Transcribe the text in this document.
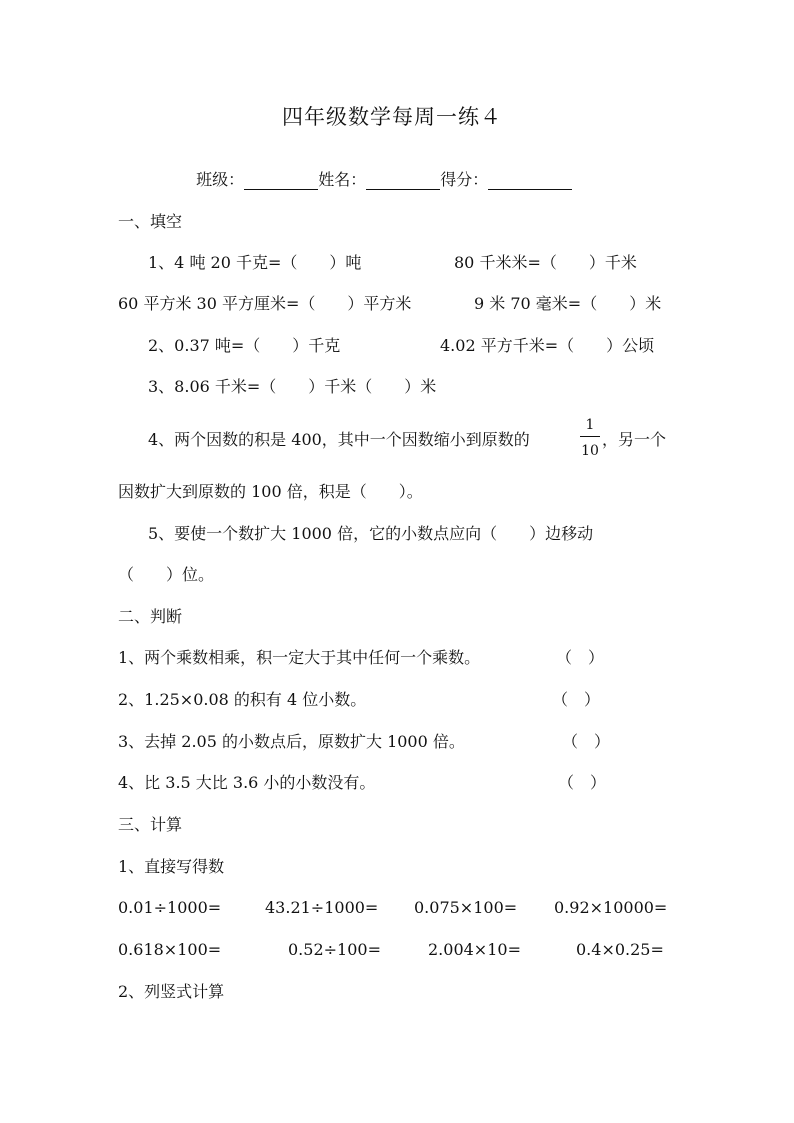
四年级数学每周一练４

班级：	姓名：	得分：

一、填空
1、4 吨 20 千克=（　　）吨	80 千米米=（　　）千米
60 平方米 30 平方厘米=（　　）平方米	9 米 70 毫米=（　　）米
2、0.37 吨=（　　）千克	4.02 平方千米=（　　）公顷
3、8.06 千米=（　　）千米（　　）米
4、两个因数的积是 400，其中一个因数缩小到原数的
1
10
，另一个
因数扩大到原数的 100 倍，积是（　　）。
5、要使一个数扩大 1000 倍，它的小数点应向（　　）边移动
（　　）位。
二、判断
1、两个乘数相乘，积一定大于其中任何一个乘数。	（　）
2、1.25×0.08 的积有 4 位小数。	（　）
3、去掉 2.05 的小数点后，原数扩大 1000 倍。	（　）
4、比 3.5 大比 3.6 小的小数没有。	（　）
三、计算
1、直接写得数
0.01÷1000=	43.21÷1000= 0.075×100= 0.92×10000=
0.618×100=	0.52÷100=	2.004×10=	0.4×0.25=
2、列竖式计算
